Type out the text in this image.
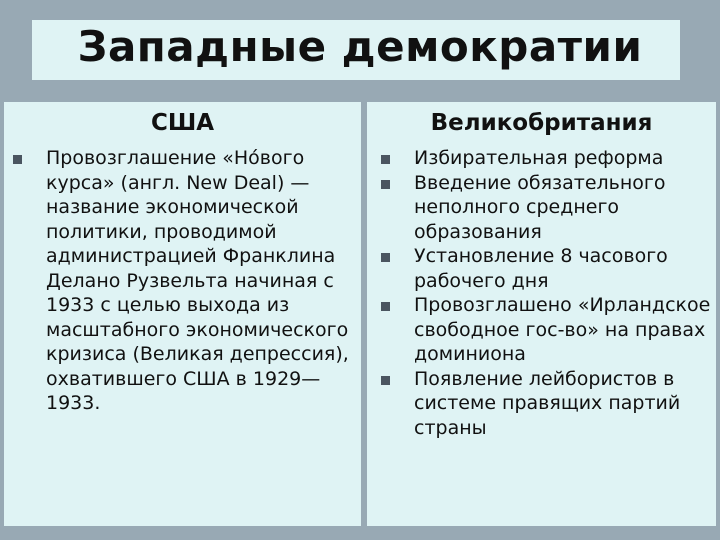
Западные демократии
США	Великобритания
Провозглашение «Но́вого курса» (англ. New Deal) — название экономической политики, проводимой администрацией Франклина Делано Рузвельта начиная с 1933 с целью выхода из масштабного экономического кризиса (Великая депрессия), охватившего США в 1929—1933.
Избирательная реформа
Введение обязательного неполного среднего образования
Установление 8 часового рабочего дня
Провозглашено «Ирландское свободное гос-во» на правах доминиона
Появление лейбористов в системе правящих партий страны
